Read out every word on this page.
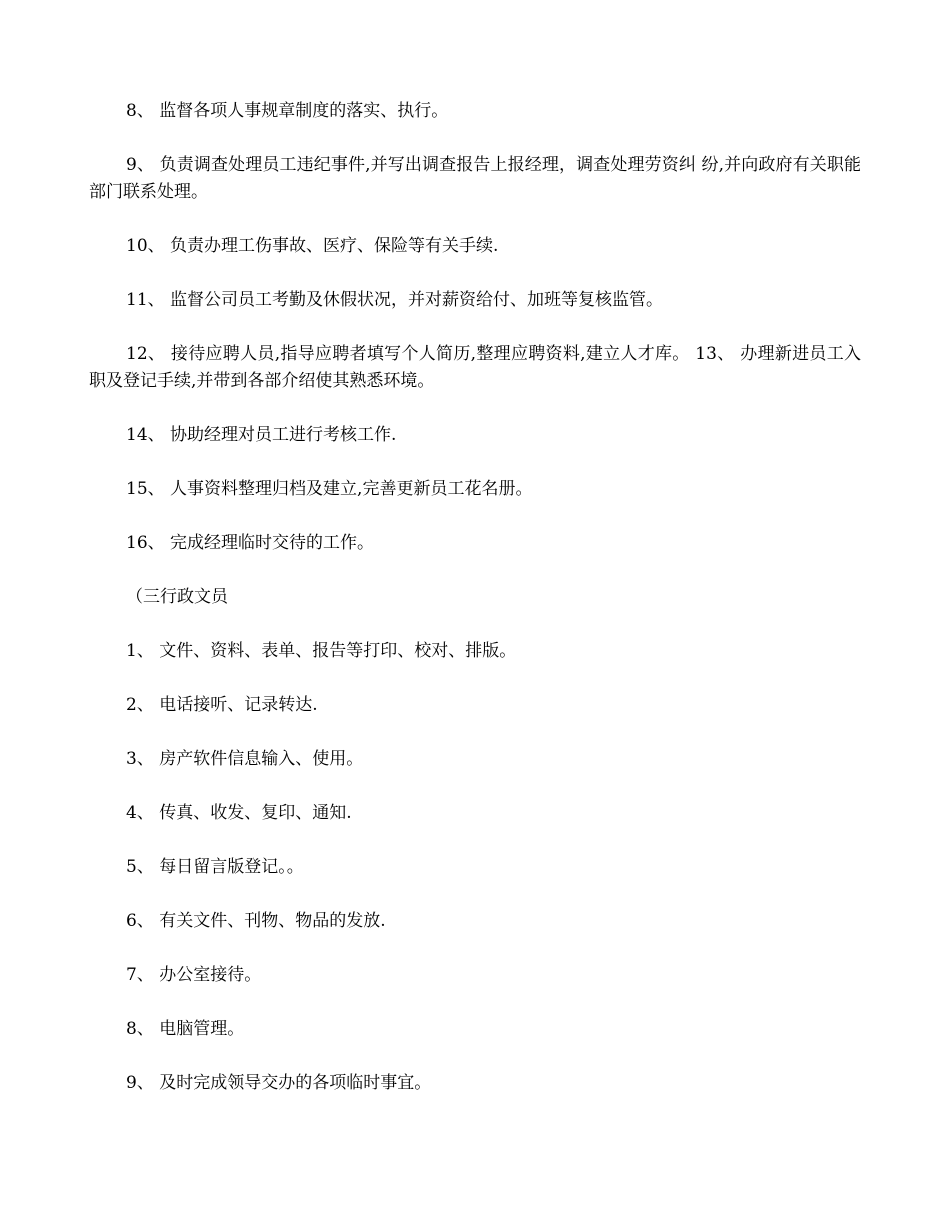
8、 监督各项人事规章制度的落实、执行。

9、 负责调查处理员工违纪事件,并写出调查报告上报经理，调查处理劳资纠 纷,并向政府有关职能部门联系处理。

10、 负责办理工伤事故、医疗、保险等有关手续.

11、 监督公司员工考勤及休假状况，并对薪资给付、加班等复核监管。

12、 接待应聘人员,指导应聘者填写个人简历,整理应聘资料,建立人才库。 13、 办理新进员工入职及登记手续,并带到各部介绍使其熟悉环境。

14、 协助经理对员工进行考核工作.

15、 人事资料整理归档及建立,完善更新员工花名册。

16、 完成经理临时交待的工作。

（三行政文员

1、 文件、资料、表单、报告等打印、校对、排版。

2、 电话接听、记录转达.

3、 房产软件信息输入、使用。

4、 传真、收发、复印、通知.

5、 每日留言版登记。。

6、 有关文件、刊物、物品的发放.

7、 办公室接待。

8、 电脑管理。

9、 及时完成领导交办的各项临时事宜。
